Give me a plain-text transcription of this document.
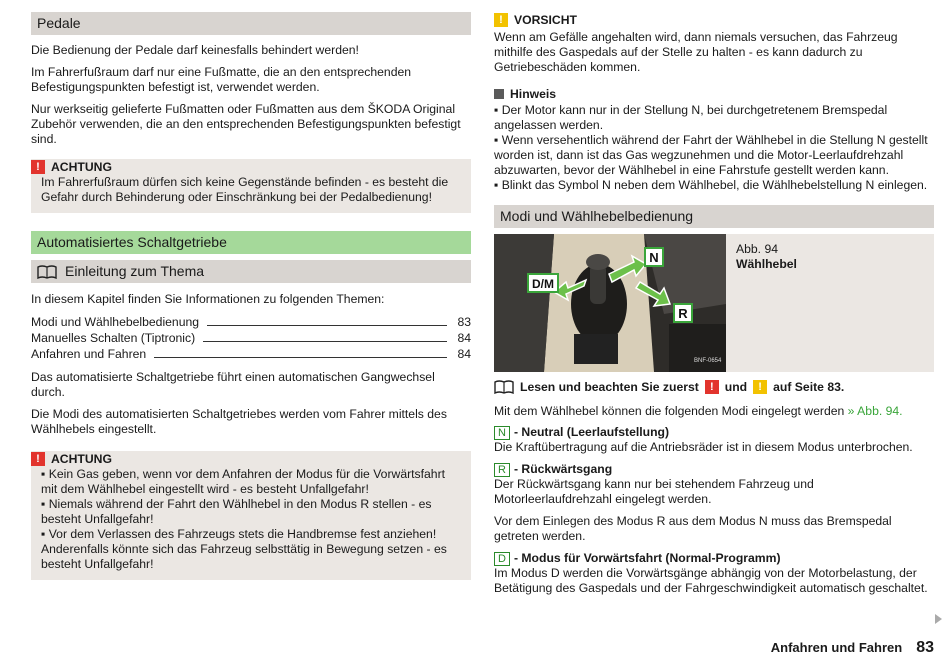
Pedale

Die Bedienung der Pedale darf keinesfalls behindert werden!

Im Fahrerfußraum darf nur eine Fußmatte, die an den entsprechenden Befestigungspunkten befestigt ist, verwendet werden.

Nur werkseitig gelieferte Fußmatten oder Fußmatten aus dem ŠKODA Original Zubehör verwenden, die an den entsprechenden Befestigungspunkten befestigt sind.

! ACHTUNG
Im Fahrerfußraum dürfen sich keine Gegenstände befinden - es besteht die Gefahr durch Behinderung oder Einschränkung bei der Pedalbedienung!
Automatisiertes Schaltgetriebe
Einleitung zum Thema

In diesem Kapitel finden Sie Informationen zu folgenden Themen:

Modi und Wählhebelbedienung	83
Manuelles Schalten (Tiptronic)	84
Anfahren und Fahren	84

Das automatisierte Schaltgetriebe führt einen automatischen Gangwechsel durch.

Die Modi des automatisierten Schaltgetriebes werden vom Fahrer mittels des Wählhebels eingestellt.

! ACHTUNG
▪ Kein Gas geben, wenn vor dem Anfahren der Modus für die Vorwärtsfahrt mit dem Wählhebel eingestellt wird - es besteht Unfallgefahr!
▪ Niemals während der Fahrt den Wählhebel in den Modus R stellen - es besteht Unfallgefahr!
▪ Vor dem Verlassen des Fahrzeugs stets die Handbremse fest anziehen! Anderenfalls könnte sich das Fahrzeug selbsttätig in Bewegung setzen - es besteht Unfallgefahr!
! VORSICHT

Wenn am Gefälle angehalten wird, dann niemals versuchen, das Fahrzeug mithilfe des Gaspedals auf der Stelle zu halten - es kann dadurch zu Getriebeschäden kommen.

Hinweis
▪ Der Motor kann nur in der Stellung N, bei durchgetretenem Bremspedal angelassen werden.
▪ Wenn versehentlich während der Fahrt der Wählhebel in die Stellung N gestellt worden ist, dann ist das Gas wegzunehmen und die Motor-Leerlaufdrehzahl abzuwarten, bevor der Wählhebel in eine Fahrstufe gestellt werden kann.
▪ Blinkt das Symbol N neben dem Wählhebel, die Wählhebelstellung N einlegen.
Modi und Wählhebelbedienung
BNF-0654
N
D/M
R
Abb. 94
Wählhebel
Lesen und beachten Sie zuerst	! und	! auf Seite 83.

Mit dem Wählhebel können die folgenden Modi eingelegt werden » Abb. 94.

N - Neutral (Leerlaufstellung)

Die Kraftübertragung auf die Antriebsräder ist in diesem Modus unterbrochen.

R - Rückwärtsgang

Der Rückwärtsgang kann nur bei stehendem Fahrzeug und Motorleerlaufdrehzahl eingelegt werden.

Vor dem Einlegen des Modus R aus dem Modus N muss das Bremspedal getreten werden.

D - Modus für Vorwärtsfahrt (Normal-Programm)

Im Modus D werden die Vorwärtsgänge abhängig von der Motorbelastung, der Betätigung des Gaspedals und der Fahrgeschwindigkeit automatisch geschaltet.

Anfahren und Fahren 83
